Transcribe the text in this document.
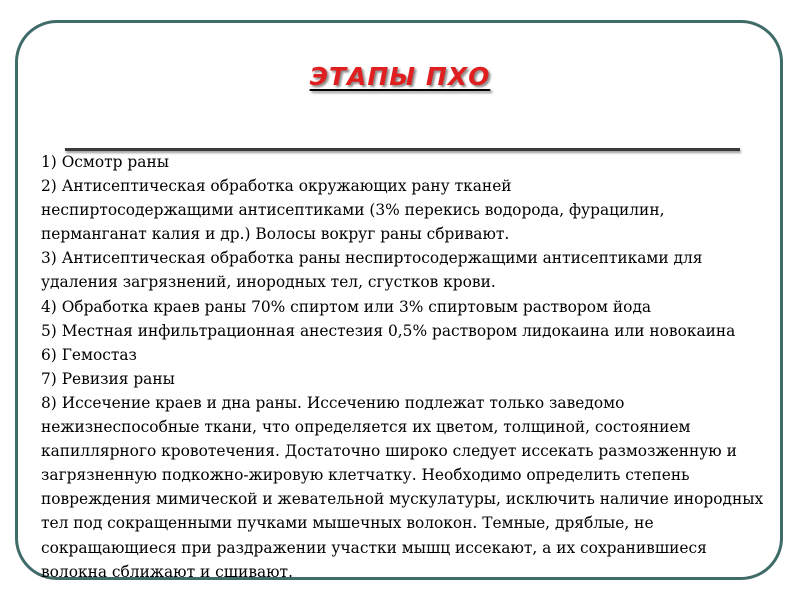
ЭТАПЫ ПХО
1) Осмотр раны
2) Антисептическая обработка окружающих рану тканей
неспиртосодержащими антисептиками (3% перекись водорода, фурацилин,
перманганат калия и др.) Волосы вокруг раны сбривают.
3) Антисептическая обработка раны неспиртосодержащими антисептиками для
удаления загрязнений, инородных тел, сгустков крови.
4) Обработка краев раны 70% спиртом или 3% спиртовым раствором йода
5) Местная инфильтрационная анестезия 0,5% раствором лидокаина или новокаина
6) Гемостаз
7) Ревизия раны
8) Иссечение краев и дна раны. Иссечению подлежат только заведомо
нежизнеспособные ткани, что определяется их цветом, толщиной, состоянием
капиллярного кровотечения. Достаточно широко следует иссекать размозженную и
загрязненную подкожно-жировую клетчатку. Необходимо определить степень
повреждения мимической и жевательной мускулатуры, исключить наличие инородных
тел под сокращенными пучками мышечных волокон. Темные, дряблые, не
сокращающиеся при раздражении участки мышц иссекают, а их сохранившиеся
волокна сближают и сшивают.
